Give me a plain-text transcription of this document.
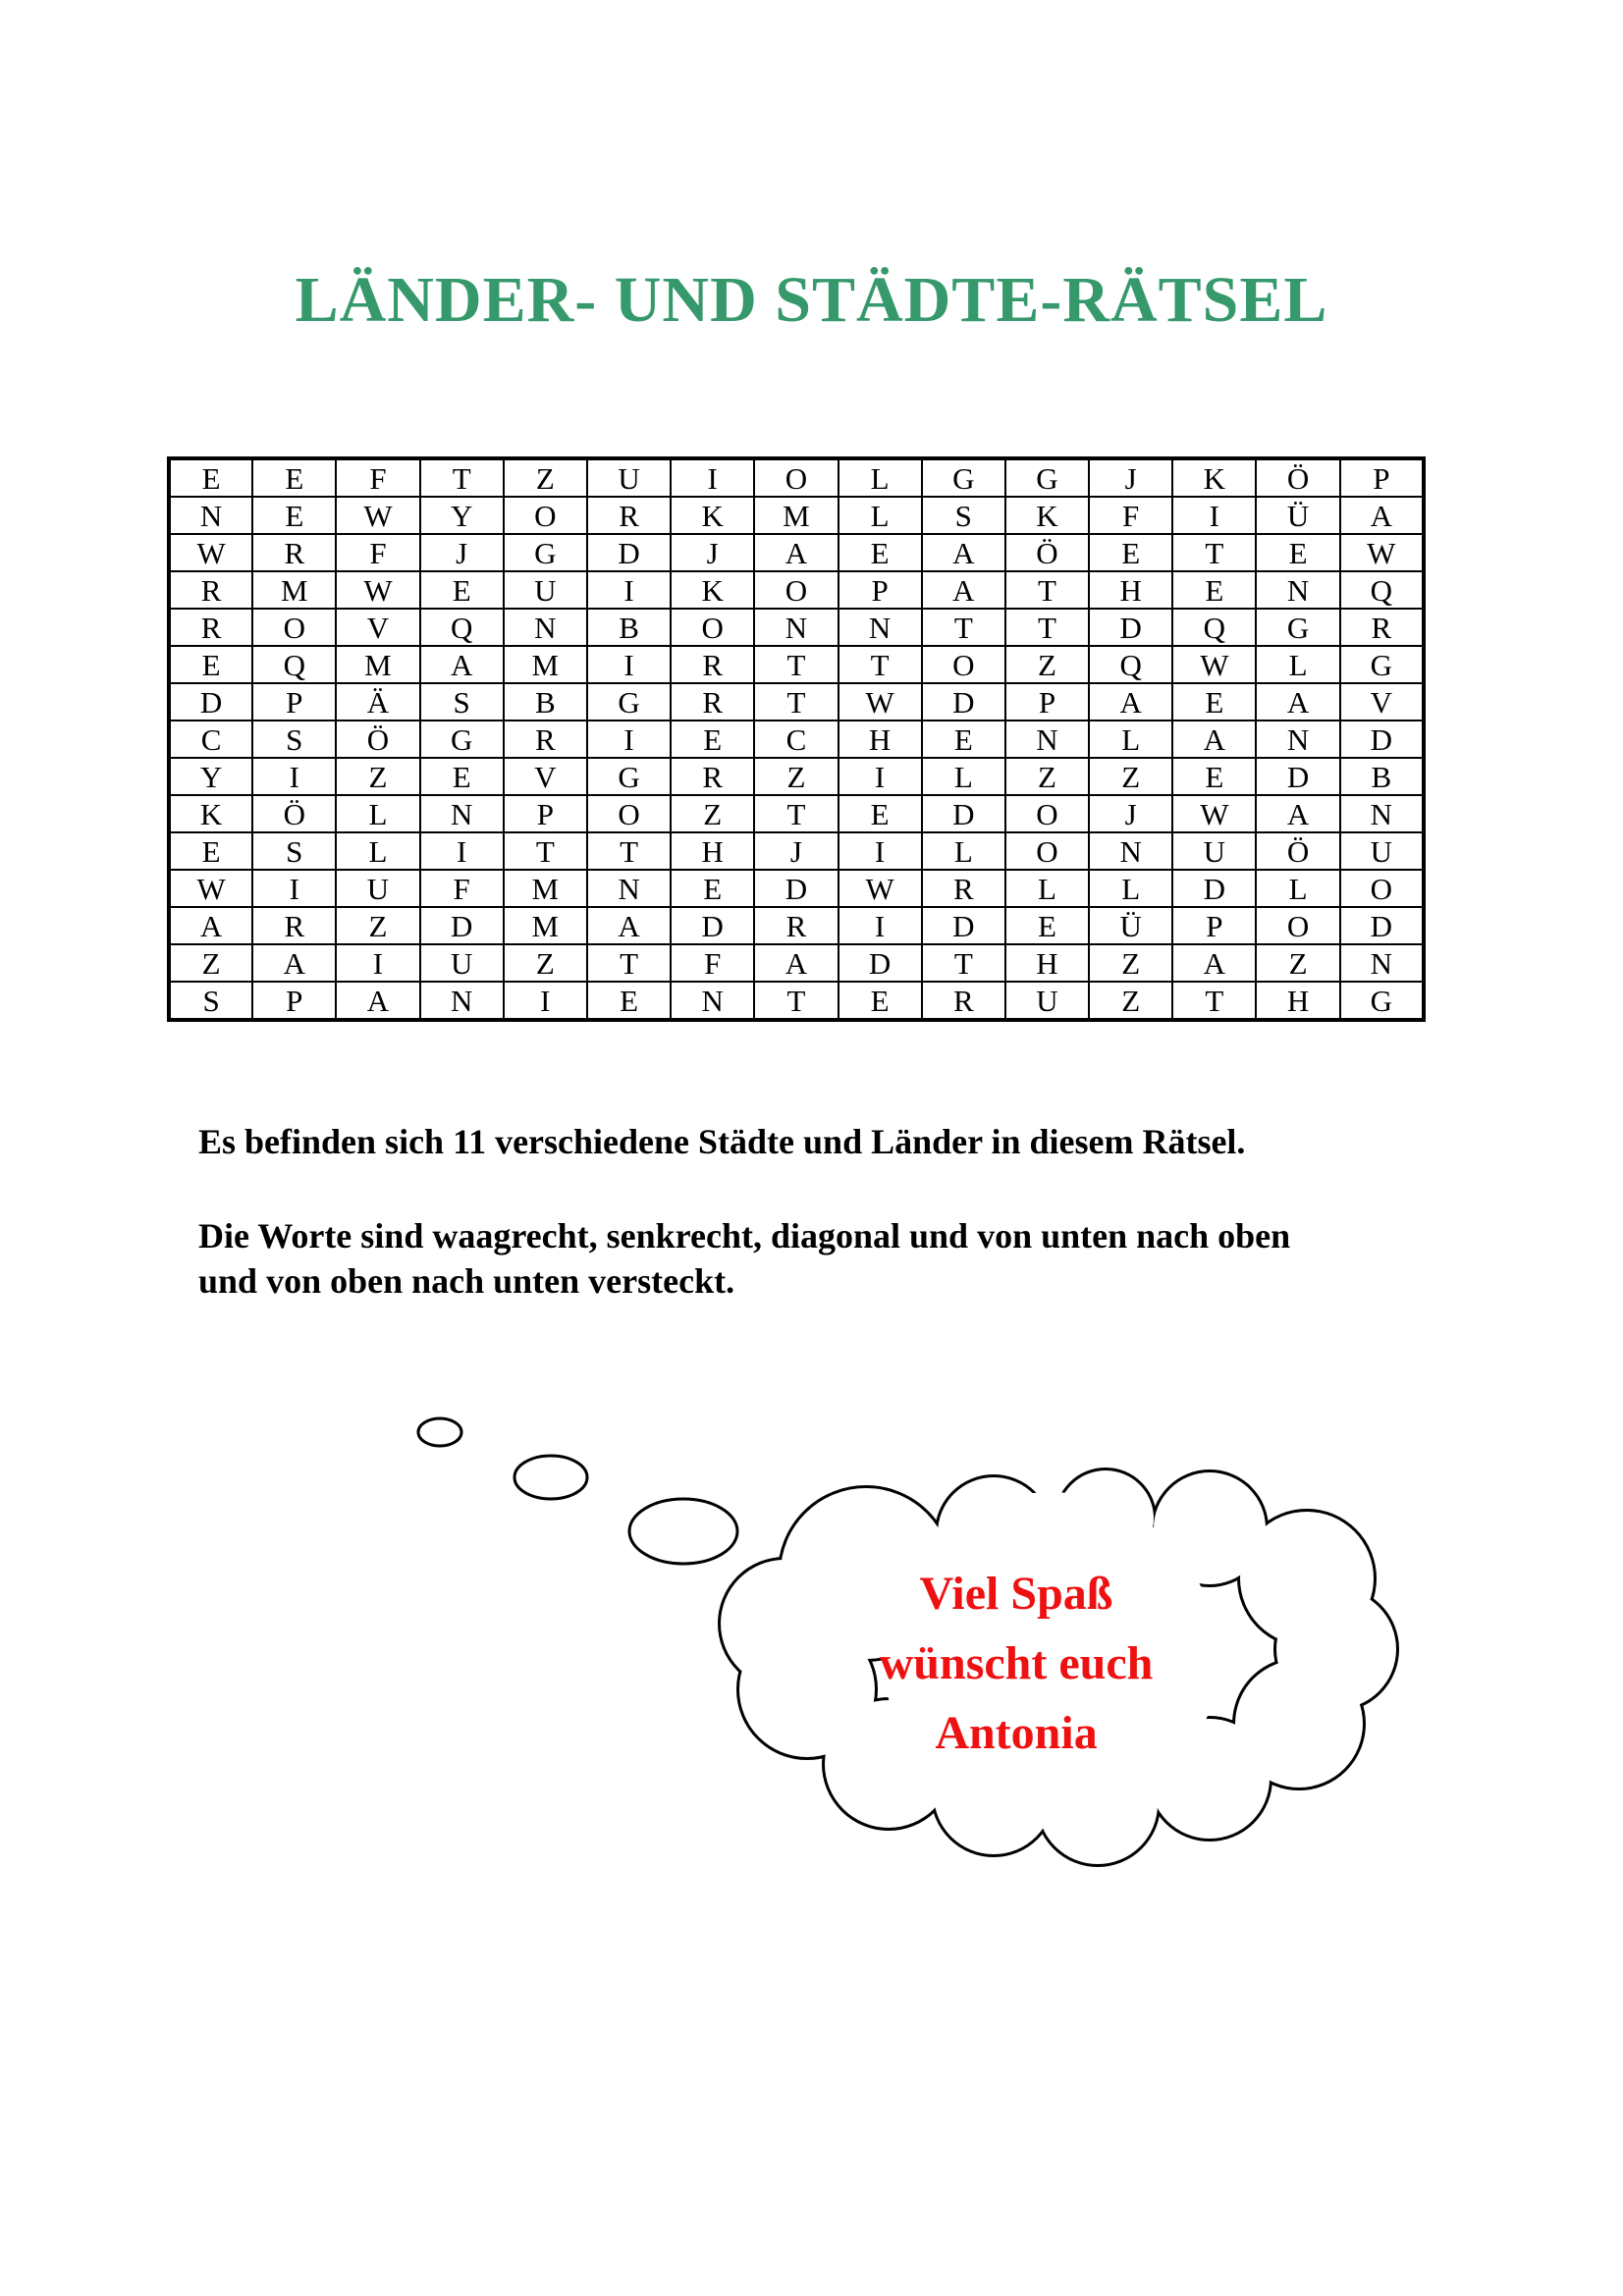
LÄNDER- UND STÄDTE-RÄTSEL
E	E	F	T	Z	U	I	O	L	G	G	J	K	Ö	P
N	E	W	Y	O	R	K	M	L	S	K	F	I	Ü	A
W	R	F	J	G	D	J	A	E	A	Ö	E	T	E	W
R	M	W	E	U	I	K	O	P	A	T	H	E	N	Q
R	O	V	Q	N	B	O	N	N	T	T	D	Q	G	R
E	Q	M	A	M	I	R	T	T	O	Z	Q	W	L	G
D	P	Ä	S	B	G	R	T	W	D	P	A	E	A	V
C	S	Ö	G	R	I	E	C	H	E	N	L	A	N	D
Y	I	Z	E	V	G	R	Z	I	L	Z	Z	E	D	B
K	Ö	L	N	P	O	Z	T	E	D	O	J	W	A	N
E	S	L	I	T	T	H	J	I	L	O	N	U	Ö	U
W	I	U	F	M	N	E	D	W	R	L	L	D	L	O
A	R	Z	D	M	A	D	R	I	D	E	Ü	P	O	D
Z	A	I	U	Z	T	F	A	D	T	H	Z	A	Z	N
S	P	A	N	I	E	N	T	E	R	U	Z	T	H	G

Es befinden sich 11 verschiedene Städte und Länder in diesem Rätsel.

Die Worte sind waagrecht, senkrecht, diagonal und von unten nach oben
und von oben nach unten versteckt.
Viel Spaß
wünscht euch
Antonia
